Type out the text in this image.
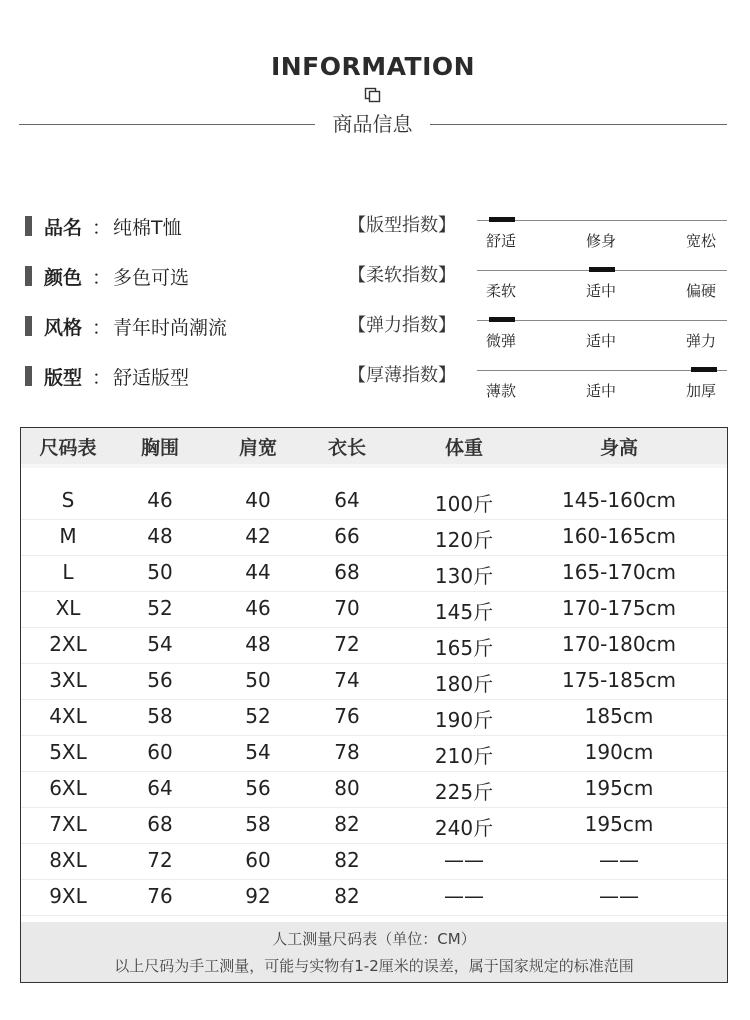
INFORMATION
商品信息
品名 ： 纯棉T恤	【版型指数】
舒适	修身	宽松
颜色 ： 多色可选	【柔软指数】
柔软	适中	偏硬
风格 ： 青年时尚潮流	【弹力指数】
微弹	适中	弹力
版型 ： 舒适版型	【厚薄指数】
薄款	适中	加厚
尺码表 胸围	肩宽	衣长	体重	身高
S	46	40	64	100斤	145-160cm
M	48	42	66	120斤	160-165cm
L	50	44	68	130斤	165-170cm
XL	52	46	70	145斤	170-175cm
2XL	54	48	72	165斤	170-180cm
3XL	56	50	74	180斤	175-185cm
4XL	58	52	76	190斤	185cm
5XL	60	54	78	210斤	190cm
6XL	64	56	80	225斤	195cm
7XL	68	58	82	240斤	195cm
8XL	72	60	82	——	——
9XL	76	92	82	——	——
人工测量尺码表（单位：CM）
以上尺码为手工测量，可能与实物有1-2厘米的误差，属于国家规定的标准范围
